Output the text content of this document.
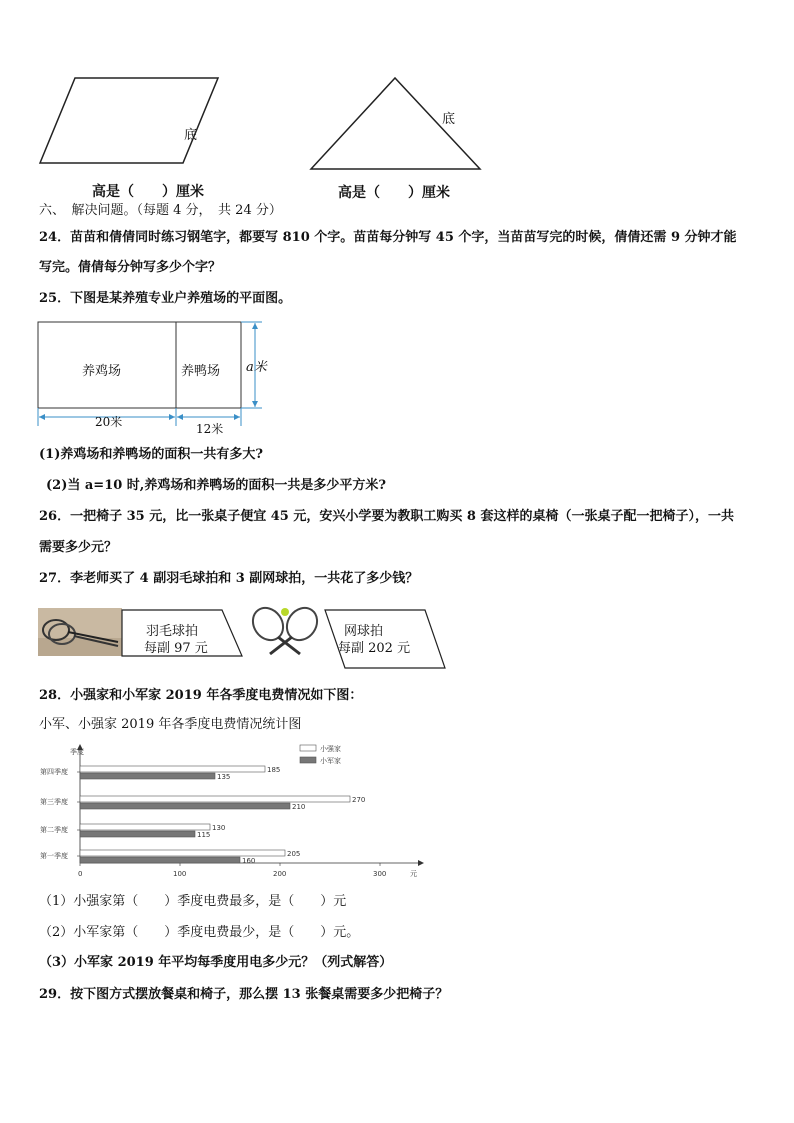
底
高是（　　）厘米
底
高是（　　）厘米
六、　解决问题。（每题 4 分，　共 24 分）
24．苗苗和倩倩同时练习钢笔字，都要写 810 个字。苗苗每分钟写 45 个字，当苗苗写完的时候，倩倩还需 9 分钟才能
写完。倩倩每分钟写多少个字？
25．下图是某养殖专业户养殖场的平面图。
养鸡场	养鸭场 a米
20米	12米
(1)养鸡场和养鸭场的面积一共有多大?
(2)当 a=10 时,养鸡场和养鸭场的面积一共是多少平方米?
26．一把椅子 35 元，比一张桌子便宜 45 元，安兴小学要为教职工购买 8 套这样的桌椅（一张桌子配一把椅子），一共
需要多少元？
27．李老师买了 4 副羽毛球拍和 3 副网球拍，一共花了多少钱？
羽毛球拍
每副 97 元
网球拍
每副 202 元
28．小强家和小军家 2019 年各季度电费情况如下图：
小军、小强家 2019 年各季度电费情况统计图
季度
元
小强家
小军家
0	100	200	300
第四季度	185
135
第三季度	270
210
第二季度	130
115
第一季度	205
160
（1）小强家第（　　）季度电费最多，是（　　）元
（2）小军家第（　　）季度电费最少，是（　　）元。
（3）小军家 2019 年平均每季度用电多少元？（列式解答）
29．按下图方式摆放餐桌和椅子，那么摆 13 张餐桌需要多少把椅子？
